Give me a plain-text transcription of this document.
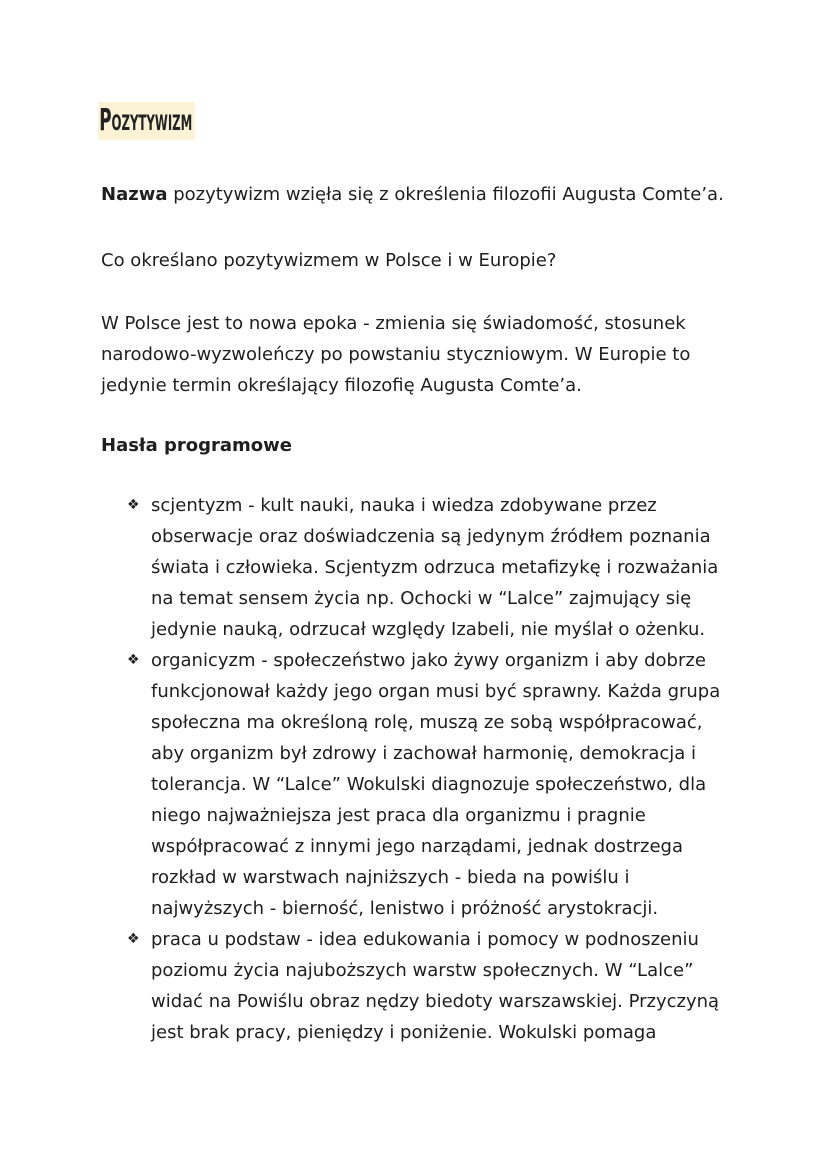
Pozytywizm
Nazwa pozytywizm wzięła się z określenia filozofii Augusta Comte’a.
Co określano pozytywizmem w Polsce i w Europie?
W Polsce jest to nowa epoka - zmienia się świadomość, stosunek narodowo-wyzwoleńczy po powstaniu styczniowym. W Europie to jedynie termin określający filozofię Augusta Comte’a.
Hasła programowe
❖ scjentyzm - kult nauki, nauka i wiedza zdobywane przez obserwacje oraz doświadczenia są jedynym źródłem poznania świata i człowieka. Scjentyzm odrzuca metafizykę i rozważania na temat sensem życia np. Ochocki w “Lalce” zajmujący się jedynie nauką, odrzucał względy Izabeli, nie myślał o ożenku.
❖ organicyzm - społeczeństwo jako żywy organizm i aby dobrze funkcjonował każdy jego organ musi być sprawny. Każda grupa społeczna ma określoną rolę, muszą ze sobą współpracować, aby organizm był zdrowy i zachował harmonię, demokracja i tolerancja. W “Lalce” Wokulski diagnozuje społeczeństwo, dla niego najważniejsza jest praca dla organizmu i pragnie współpracować z innymi jego narządami, jednak dostrzega rozkład w warstwach najniższych - bieda na powiślu i najwyższych - bierność, lenistwo i próżność arystokracji.
❖ praca u podstaw - idea edukowania i pomocy w podnoszeniu poziomu życia najuboższych warstw społecznych. W “Lalce” widać na Powiślu obraz nędzy biedoty warszawskiej. Przyczyną jest brak pracy, pieniędzy i poniżenie. Wokulski pomaga
